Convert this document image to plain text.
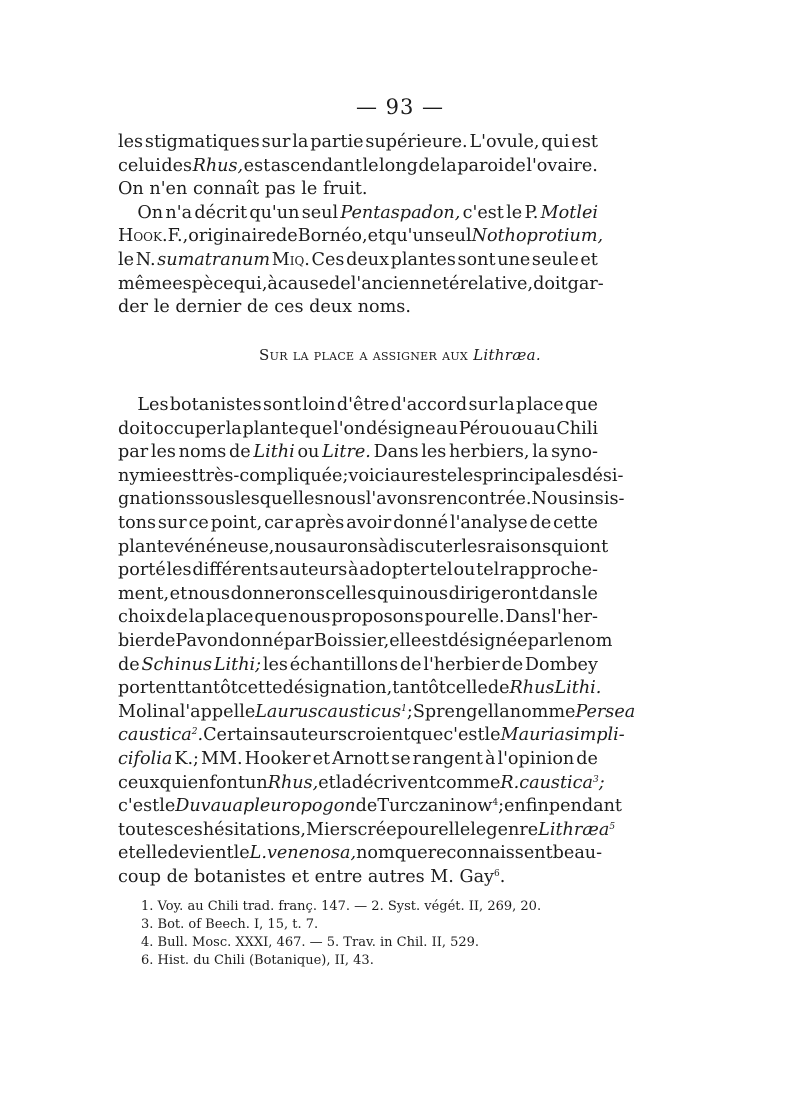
— 93 —
les stigmatiques sur la partie supérieure. L'ovule, qui est
celui des Rhus, est ascendant le long de la paroi de l'ovaire.
On n'en connaît pas le fruit.
On n'a décrit qu'un seul Pentaspadon, c'est le P. Motlei
Hook. F., originaire de Bornéo, et qu'un seul Nothoprotium,
le N. sumatranum Miq. Ces deux plantes sont une seule et
même espèce qui, à cause de l'ancienneté relative, doit gar-
der le dernier de ces deux noms.
Sur la place a assigner aux Lithræa.
Les botanistes sont loin d'être d'accord sur la place que
doit occuper la plante que l'on désigne au Pérou ou au Chili
par les noms de Lithi ou Litre. Dans les herbiers, la syno-
nymie est très-compliquée ; voici au reste les principales dési-
gnations sous lesquelles nous l'avons rencontrée. Nous insis-
tons sur ce point, car après avoir donné l'analyse de cette
plante vénéneuse, nous aurons à discuter les raisons qui ont
porté les différents auteurs à adopter tel ou tel rapproche-
ment, et nous donnerons celles qui nous dirigeront dans le
choix de la place que nous proposons pour elle. Dans l'her-
bier de Pavon donné par Boissier, elle est désignée par le nom
de Schinus Lithi; les échantillons de l'herbier de Dombey
portent tantôt cette désignation, tantôt celle de Rhus Lithi.
Molina l'appelle Laurus causticus$^1$ ; Sprengel la nomme Persea
caustica$^2$. Certains auteurs croient que c'est le Mauria simpli-
cifolia K.; MM. Hooker et Arnott se rangent à l'opinion de
ceux qui en font un Rhus, et la décrivent comme R. caustica$^3$;
c'est le Duvaua pleuropogon de Turczaninow$^4$; enfin pendant
toutes ces hésitations, Miers crée pour elle le genre Lithræa$^5$
et elle devient le L. venenosa, nom que reconnaissent beau-
coup de botanistes et entre autres M. Gay$^6$.
1. Voy. au Chili trad. franç. 147. — 2. Syst. végét. II, 269, 20.
3. Bot. of Beech. I, 15, t. 7.
4. Bull. Mosc. XXXI, 467. — 5. Trav. in Chil. II, 529.
6. Hist. du Chili (Botanique), II, 43.
